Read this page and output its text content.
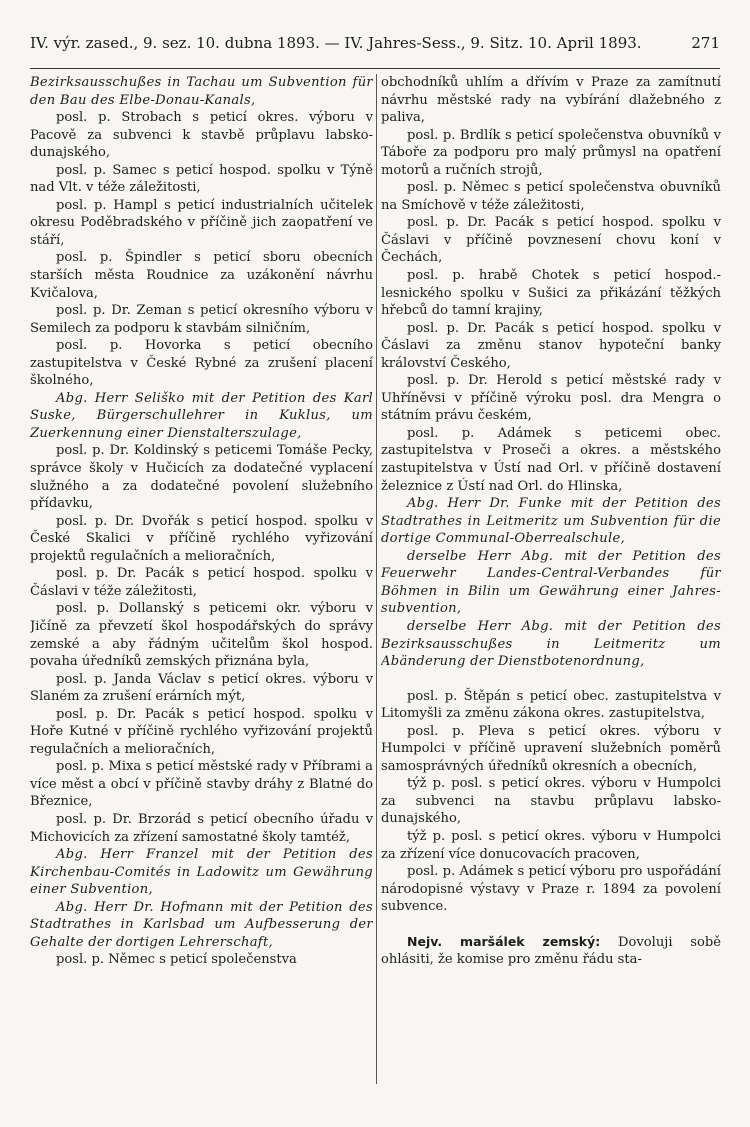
IV. výr. zased., 9. sez. 10. dubna 1893. — IV. Jahres-Sess., 9. Sitz. 10. April 1893.	271

Bezirksausschußes in Tachau um Subvention für den Bau des Elbe-Donau-Kanals,

posl. p. Strobach s peticí okres. výboru v Pacově za subvenci k stavbě průplavu labsko-dunajského,

posl. p. Samec s peticí hospod. spolku v Týně nad Vlt. v téže záležitosti,

posl. p. Hampl s peticí industrialních učitelek okresu Poděbradského v příčině jich zaopatření ve stáří,

posl. p. Špindler s peticí sboru obecních starších města Roudnice za uzákonění návrhu Kvičalova,

posl. p. Dr. Zeman s peticí okresního výboru v Semilech za podporu k stavbám silničním,

posl. p. Hovorka s peticí obecního zastupitelstva v České Rybné za zrušení placení školného,

Abg. Herr Seliško mit der Petition des Karl Suske, Bürgerschullehrer in Kuklus, um Zuerkennung einer Dienstalterszulage,

posl. p. Dr. Koldinský s peticemi Tomáše Pecky, správce školy v Hučicích za dodatečné vyplacení služného a za dodatečné povolení služebního přídavku,

posl. p. Dr. Dvořák s peticí hospod. spolku v České Skalici v příčině rychlého vyřizování projektů regulačních a melioračních,

posl. p. Dr. Pacák s peticí hospod. spolku v Čáslavi v téže záležitosti,

posl. p. Dollanský s peticemi okr. výboru v Jičíně za převzetí škol hospodářských do správy zemské a aby řádným učitelům škol hospod. povaha úředníků zemských přiznána byla,

posl. p. Janda Václav s peticí okres. výboru v Slaném za zrušení erárních mýt,

posl. p. Dr. Pacák s peticí hospod. spolku v Hoře Kutné v příčině rychlého vyřizování projektů regulačních a melioračních,

posl. p. Mixa s peticí městské rady v Příbrami a více měst a obcí v příčině stavby dráhy z Blatné do Březnice,

posl. p. Dr. Brzorád s peticí obecního úřadu v Michovicích za zřízení samostatné školy tamtéž,

Abg. Herr Franzel mit der Petition des Kirchenbau-Comités in Ladowitz um Gewährung einer Subvention,

Abg. Herr Dr. Hofmann mit der Petition des Stadtrathes in Karlsbad um Aufbesserung der Gehalte der dortigen Lehrerschaft,

posl. p. Němec s peticí společenstva

obchodníků uhlím a dřívím v Praze za zamítnutí návrhu městské rady na vybírání dlažebného z paliva,

posl. p. Brdlík s peticí společenstva obuvníků v Táboře za podporu pro malý průmysl na opatření motorů a ručních strojů,

posl. p. Němec s peticí společenstva obuvníků na Smíchově v téže záležitosti,

posl. p. Dr. Pacák s peticí hospod. spolku v Čáslavi v příčině povznesení chovu koní v Čechách,

posl. p. hrabě Chotek s peticí hospod.-lesnického spolku v Sušici za přikázání těžkých hřebců do tamní krajiny,

posl. p. Dr. Pacák s peticí hospod. spolku v Čáslavi za změnu stanov hypoteční banky království Českého,

posl. p. Dr. Herold s peticí městské rady v Uhříněvsi v příčině výroku posl. dra Mengra o státním právu českém,

posl. p. Adámek s peticemi obec. zastupitelstva v Proseči a okres. a městského zastupitelstva v Ústí nad Orl. v příčině dostavení železnice z Ústí nad Orl. do Hlinska,

Abg. Herr Dr. Funke mit der Petition des Stadtrathes in Leitmeritz um Subvention für die dortige Communal-Oberrealschule,

derselbe Herr Abg. mit der Petition des Feuerwehr Landes-Central-Verbandes für Böhmen in Bilin um Gewährung einer Jahres-subvention,

derselbe Herr Abg. mit der Petition des Bezirksausschußes in Leitmeritz um Abänderung der Dienstbotenordnung,

posl. p. Štěpán s peticí obec. zastupitelstva v Litomyšli za změnu zákona okres. zastupitelstva,

posl. p. Pleva s peticí okres. výboru v Humpolci v příčině upravení služebních poměrů samosprávných úředníků okresních a obecních,

týž p. posl. s peticí okres. výboru v Humpolci za subvenci na stavbu průplavu labsko-dunajského,

týž p. posl. s peticí okres. výboru v Humpolci za zřízení více donucovacích pracoven,

posl. p. Adámek s peticí výboru pro uspořádání národopisné výstavy v Praze r. 1894 za povolení subvence.

Nejv. maršálek zemský: Dovoluji sobě ohlásiti, že komise pro změnu řádu sta-
